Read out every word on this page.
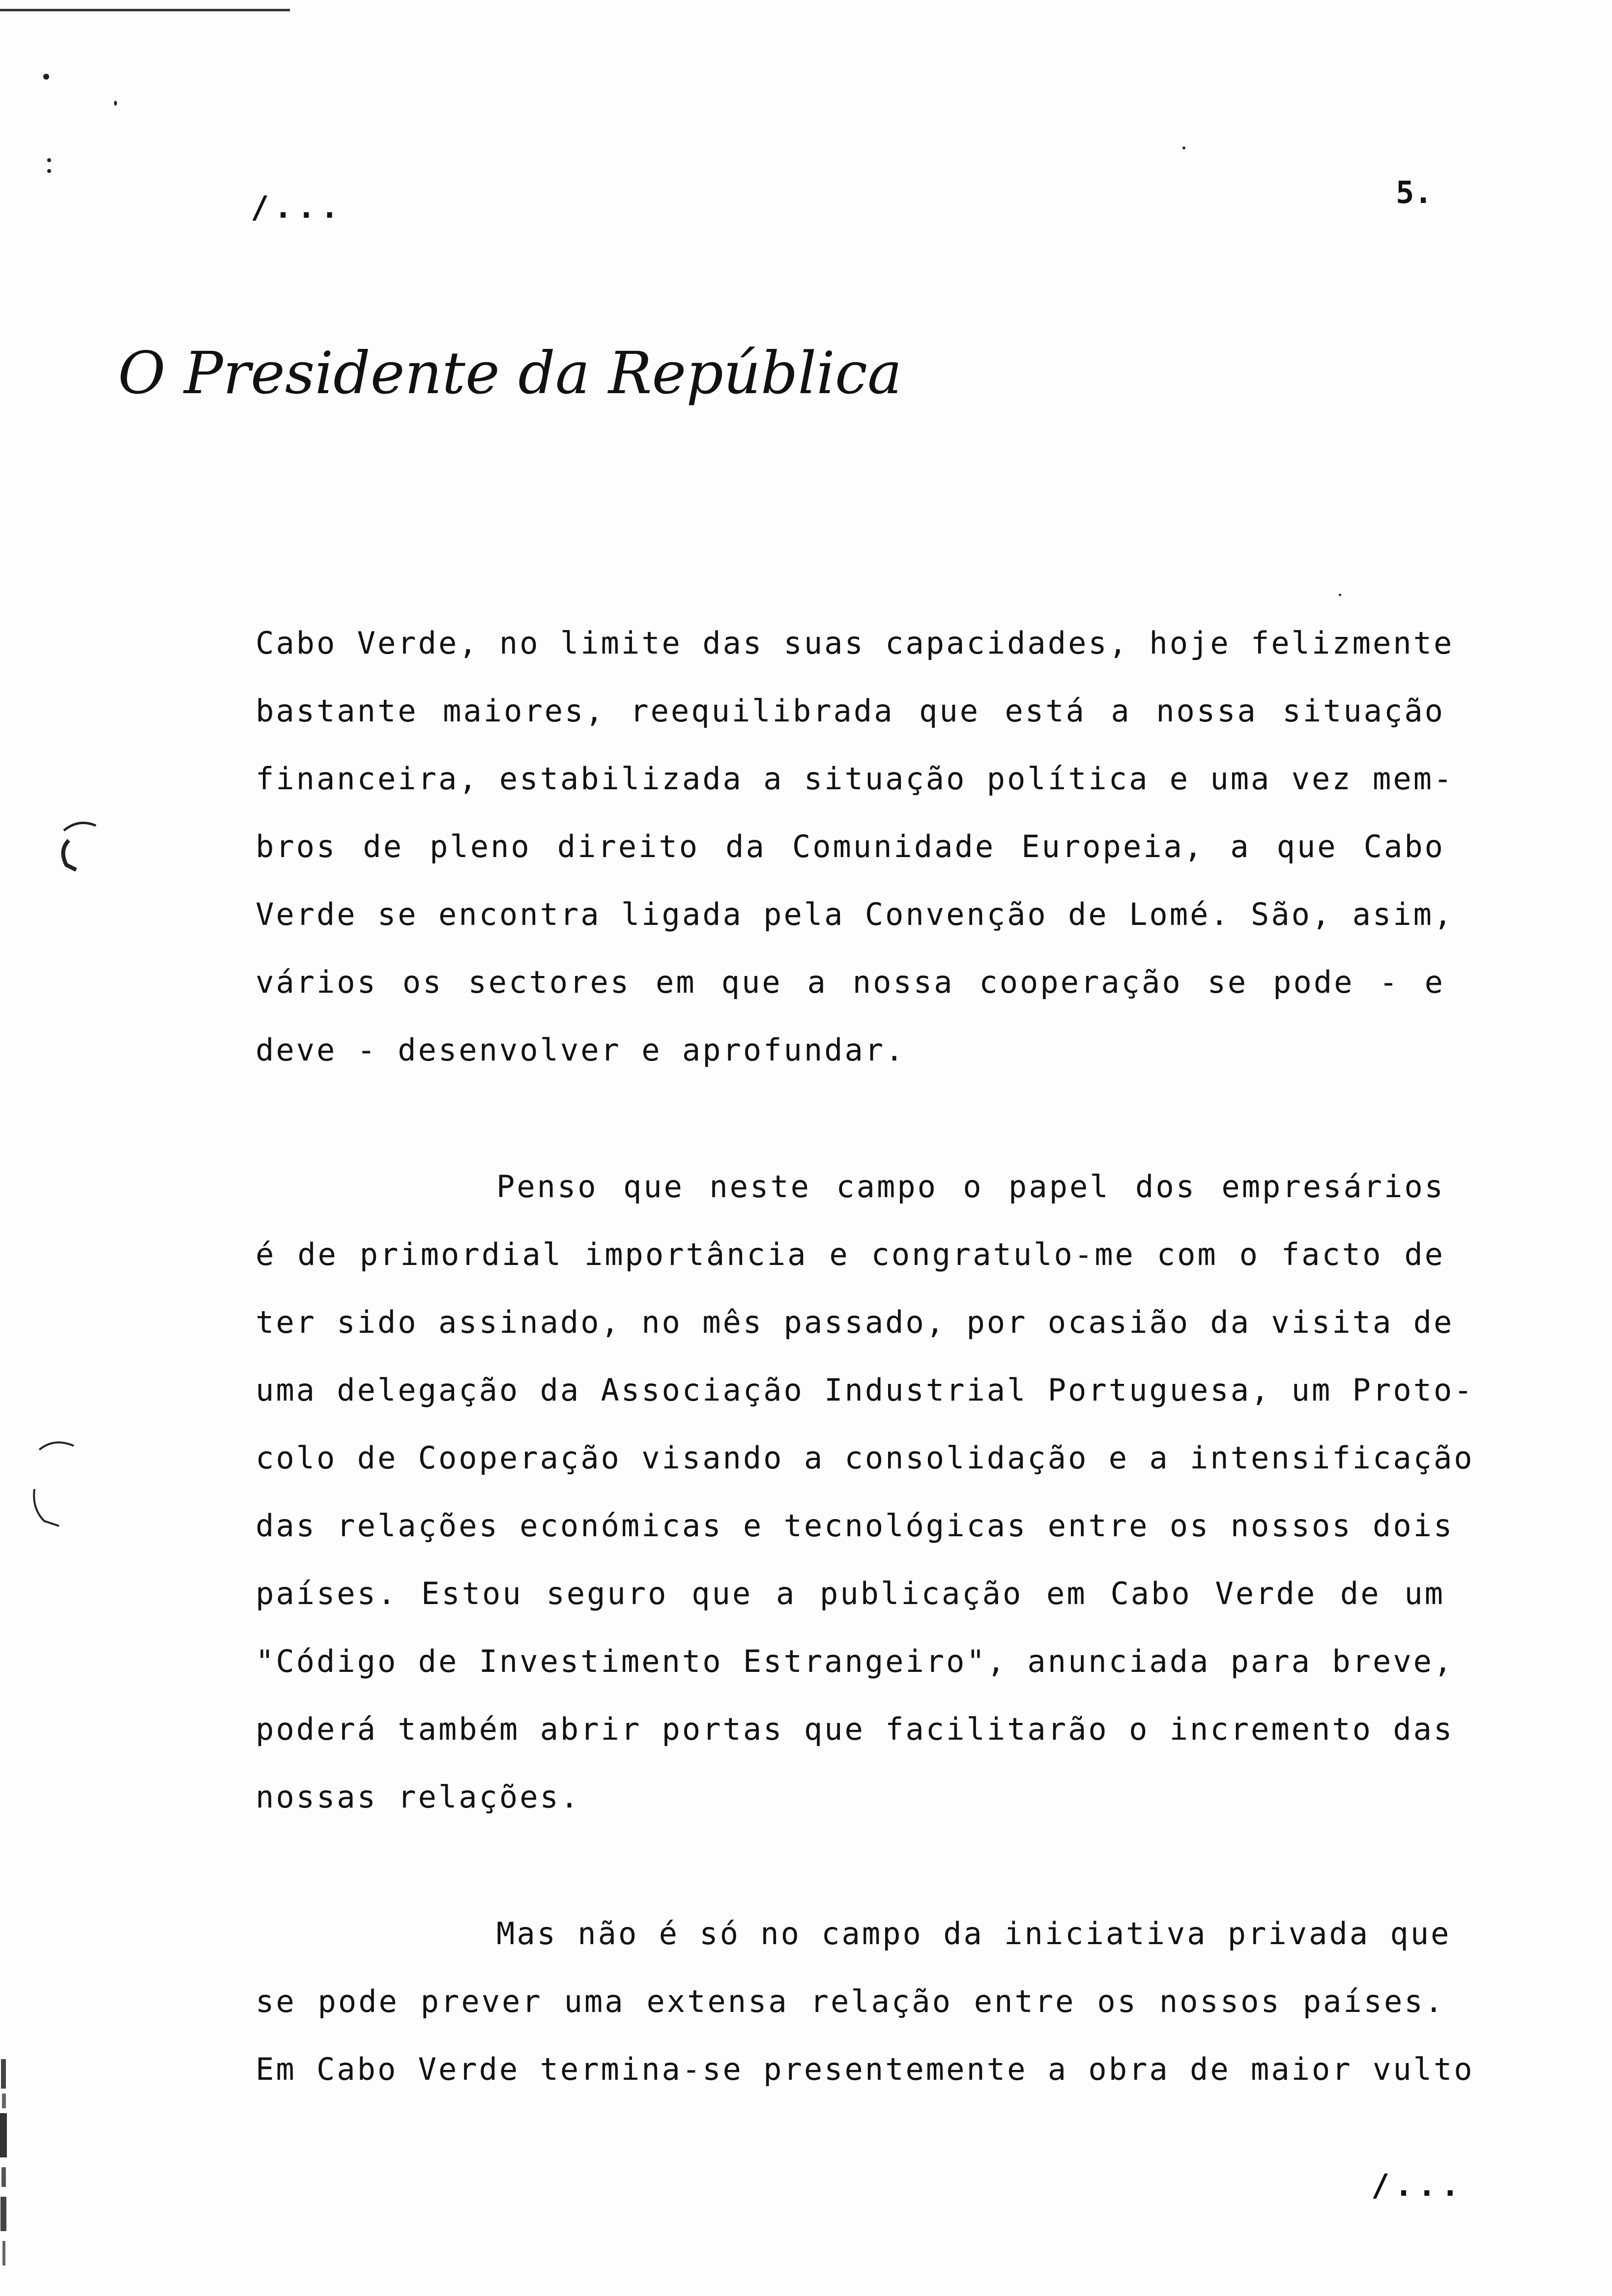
/...	5.
O Presidente da República
Cabo Verde, no limite das suas capacidades, hoje felizmente
bastante maiores, reequilibrada que está a nossa situação
financeira, estabilizada a situação política e uma vez mem-
bros de pleno direito da Comunidade Europeia, a que Cabo
Verde se encontra ligada pela Convenção de Lomé. São, asim,
vários os sectores em que a nossa cooperação se pode - e
deve - desenvolver e aprofundar.
Penso que neste campo o papel dos empresários
é de primordial importância e congratulo-me com o facto de
ter sido assinado, no mês passado, por ocasião da visita de
uma delegação da Associação Industrial Portuguesa, um Proto-
colo de Cooperação visando a consolidação e a intensificação
das relações económicas e tecnológicas entre os nossos dois
países. Estou seguro que a publicação em Cabo Verde de um
"Código de Investimento Estrangeiro", anunciada para breve,
poderá também abrir portas que facilitarão o incremento das
nossas relações.
Mas não é só no campo da iniciativa privada que
se pode prever uma extensa relação entre os nossos países.
Em Cabo Verde termina-se presentemente a obra de maior vulto
/...
